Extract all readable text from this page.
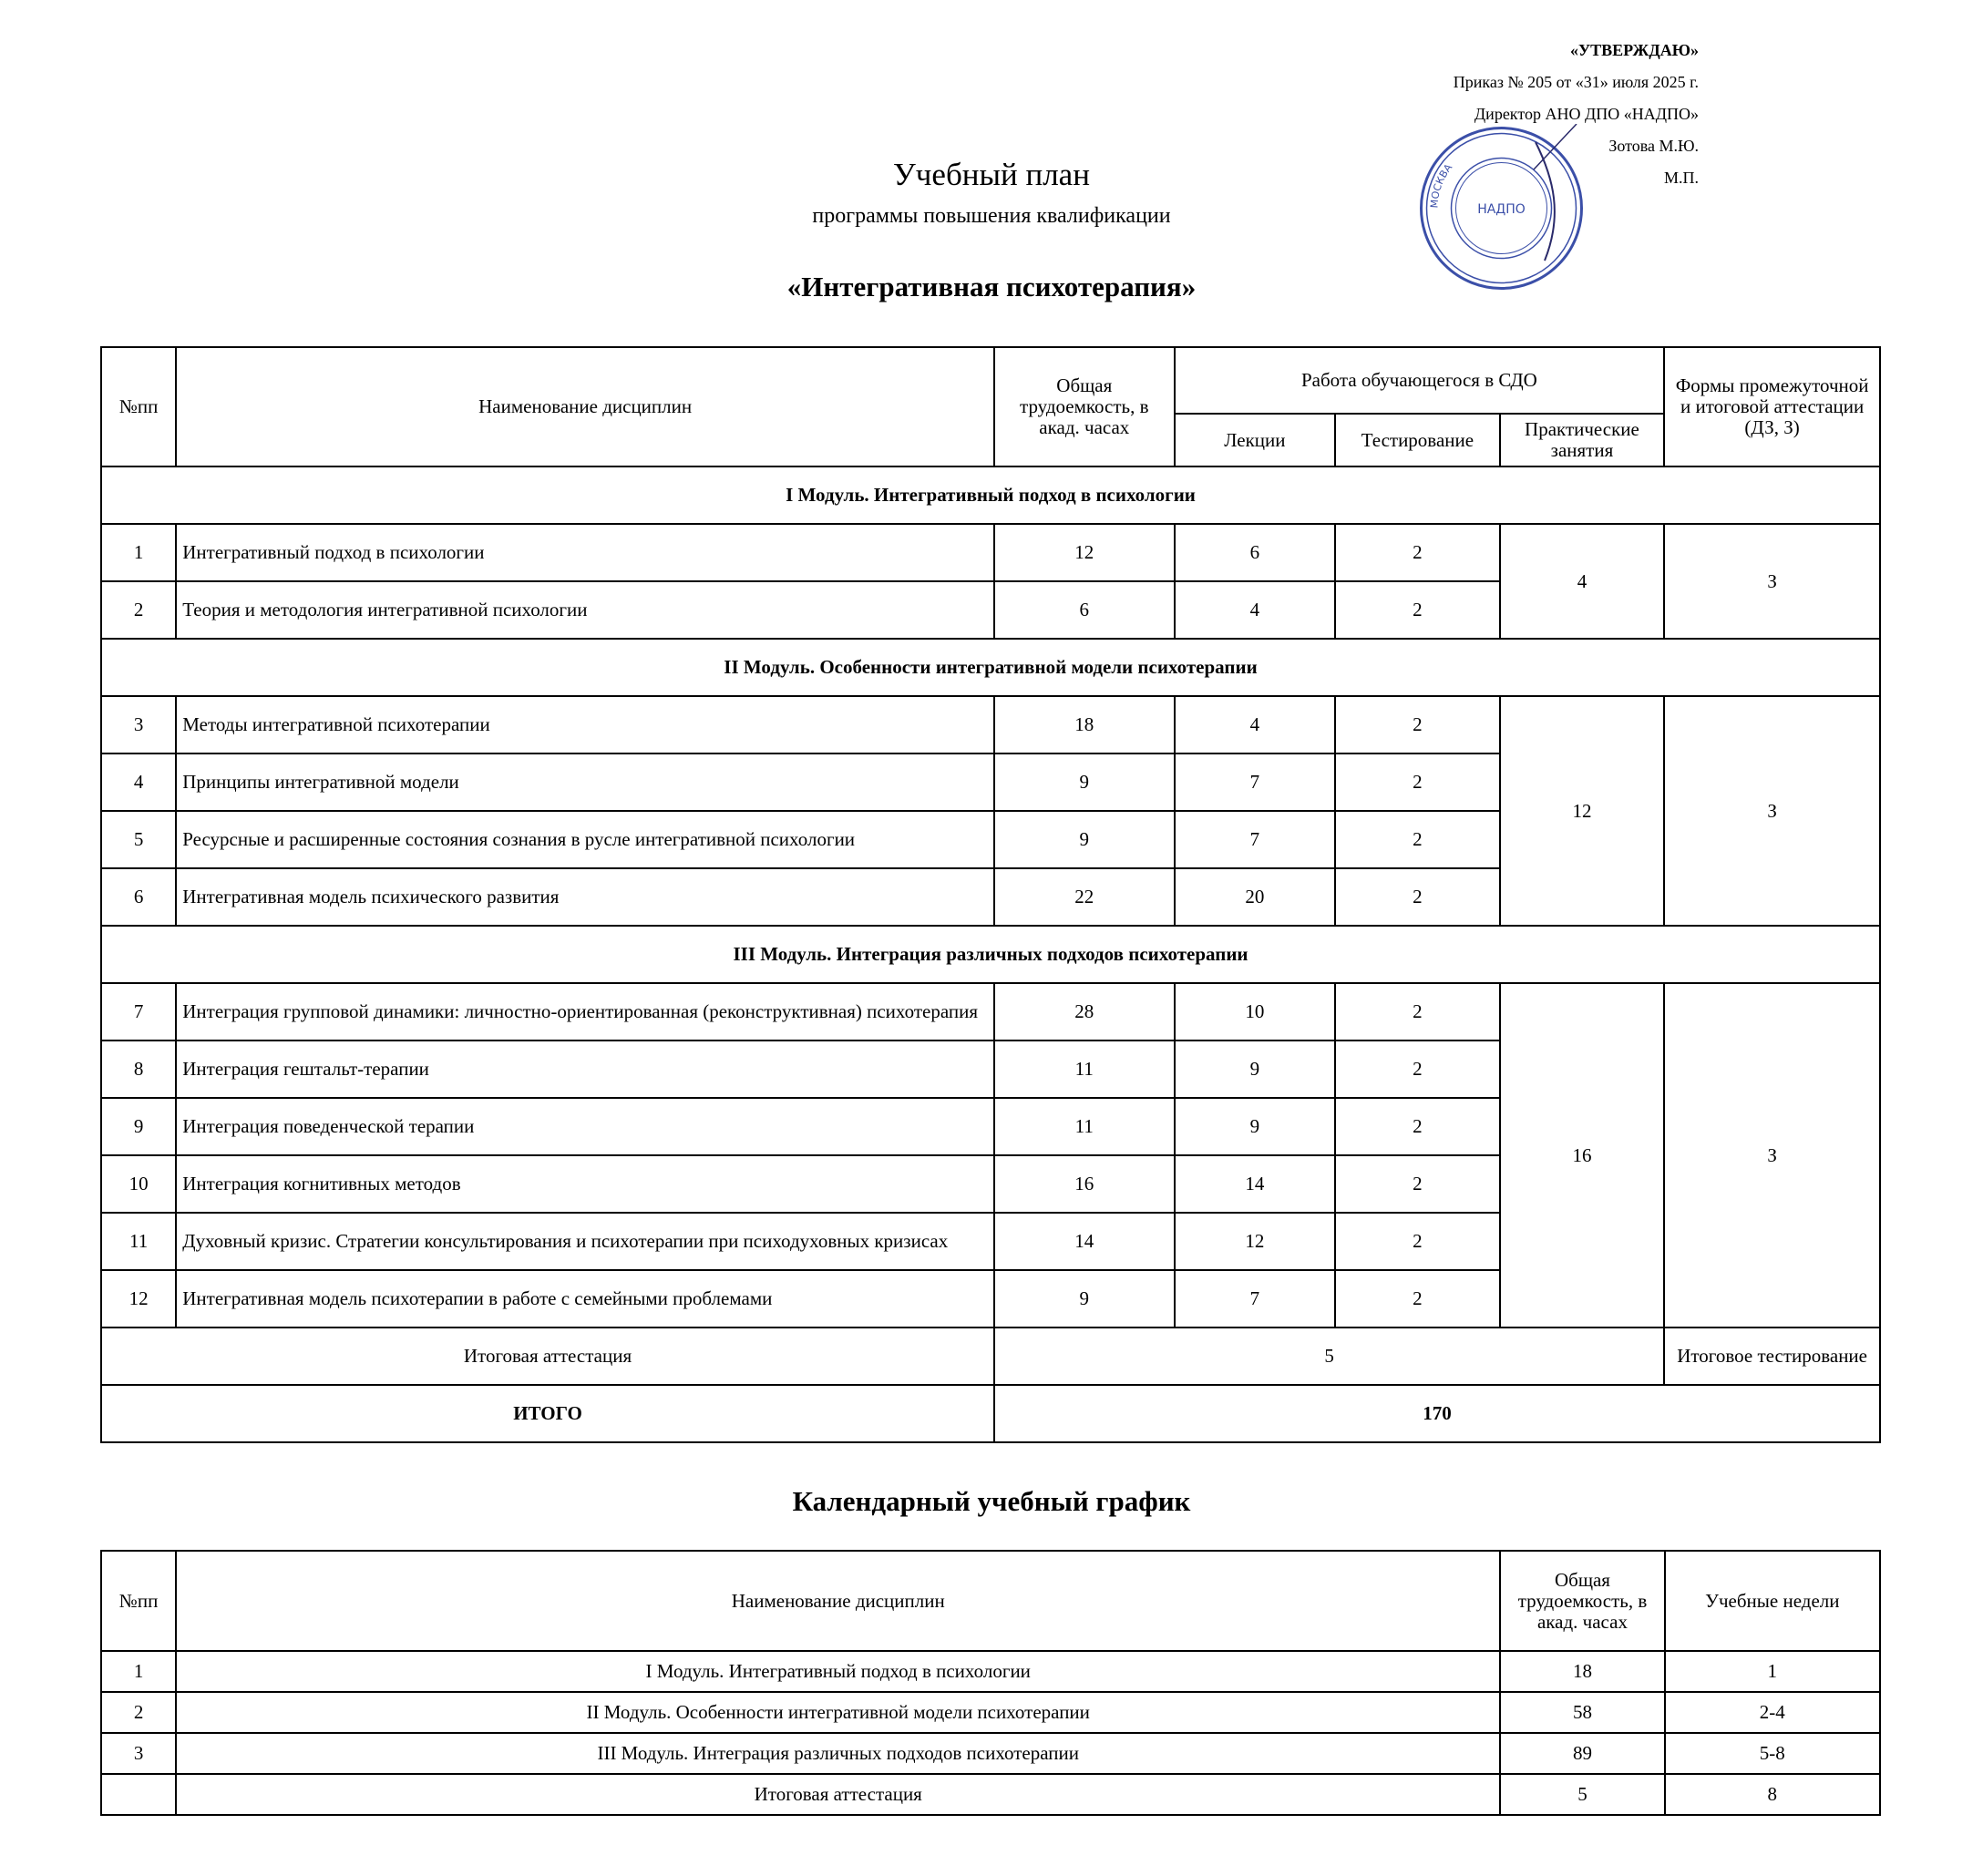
«УТВЕРЖДАЮ»
Приказ № 205 от «31» июля 2025 г.
Директор АНО ДПО «НАДПО»
Зотова М.Ю.
М.П.
МОСКВА
НАДПО
Учебный план
программы повышения квалификации
«Интегративная психотерапия»
№пп	Наименование дисциплин	Общая трудоемкость, в акад. часах	Работа обучающегося в СДО			Формы промежуточной и итоговой аттестации (ДЗ, З)
			Лекции	Тестирование	Практические занятия	
I Модуль. Интегративный подход в психологии						
1	Интегративный подход в психологии	12	6	2	4	З
2	Теория и методология интегративной психологии	6	4	2		
II Модуль. Особенности интегративной модели психотерапии						
3	Методы интегративной психотерапии	18	4	2	12	З
4	Принципы интегративной модели	9	7	2		
5	Ресурсные и расширенные состояния сознания в русле интегративной психологии	9	7	2		
6	Интегративная модель психического развития	22	20	2		
III Модуль. Интеграция различных подходов психотерапии						
7	Интеграция групповой динамики: личностно-ориентированная (реконструктивная) психотерапия	28	10	2	16	З
8	Интеграция гештальт-терапии	11	9	2		
9	Интеграция поведенческой терапии	11	9	2		
10	Интеграция когнитивных методов	16	14	2		
11	Духовный кризис. Стратегии консультирования и психотерапии при психодуховных кризисах	14	12	2		
12	Интегративная модель психотерапии в работе с семейными проблемами	9	7	2		
Итоговая аттестация		5				Итоговое тестирование
ИТОГО		170				
Календарный учебный график
№пп	Наименование дисциплин	Общая трудоемкость, в акад. часах	Учебные недели
1	I Модуль. Интегративный подход в психологии	18	1
2	II Модуль. Особенности интегративной модели психотерапии	58	2-4
3	III Модуль. Интеграция различных подходов психотерапии	89	5-8
	Итоговая аттестация	5	8
